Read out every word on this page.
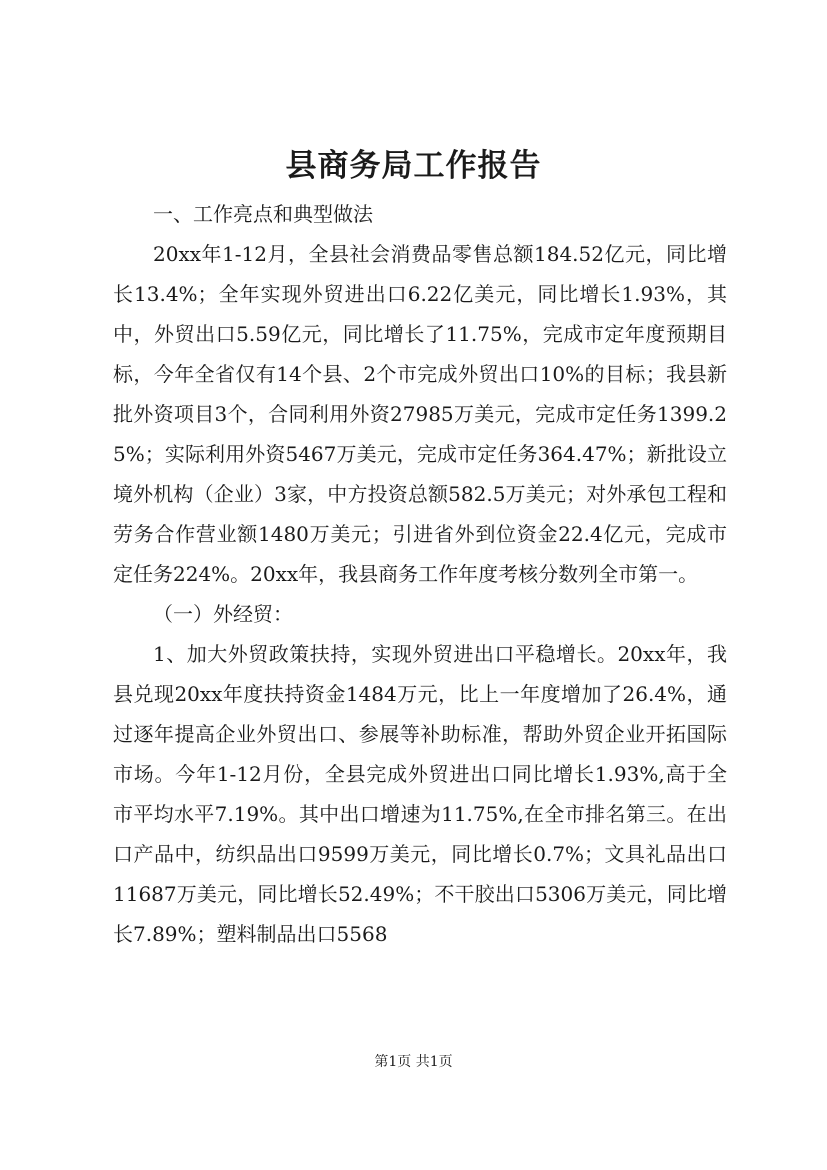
县商务局工作报告

一、工作亮点和典型做法

20xx年1-12月，全县社会消费品零售总额184.52亿元，同比增长13.4%；全年实现外贸进出口6.22亿美元，同比增长1.93%，其中，外贸出口5.59亿元，同比增长了11.75%，完成市定年度预期目标，今年全省仅有14个县、2个市完成外贸出口10%的目标；我县新批外资项目3个，合同利用外资27985万美元，完成市定任务1399.25%；实际利用外资5467万美元，完成市定任务364.47%；新批设立境外机构（企业）3家，中方投资总额582.5万美元；对外承包工程和劳务合作营业额1480万美元；引进省外到位资金22.4亿元，完成市定任务224%。20xx年，我县商务工作年度考核分数列全市第一。

（一）外经贸：

1、加大外贸政策扶持，实现外贸进出口平稳增长。20xx年，我县兑现20xx年度扶持资金1484万元，比上一年度增加了26.4%，通过逐年提高企业外贸出口、参展等补助标准，帮助外贸企业开拓国际市场。今年1-12月份，全县完成外贸进出口同比增长1.93%,高于全市平均水平7.19%。其中出口增速为11.75%,在全市排名第三。在出口产品中，纺织品出口9599万美元，同比增长0.7%；文具礼品出口11687万美元，同比增长52.49%；不干胶出口5306万美元，同比增长7.89%；塑料制品出口5568

第1页 共1页
